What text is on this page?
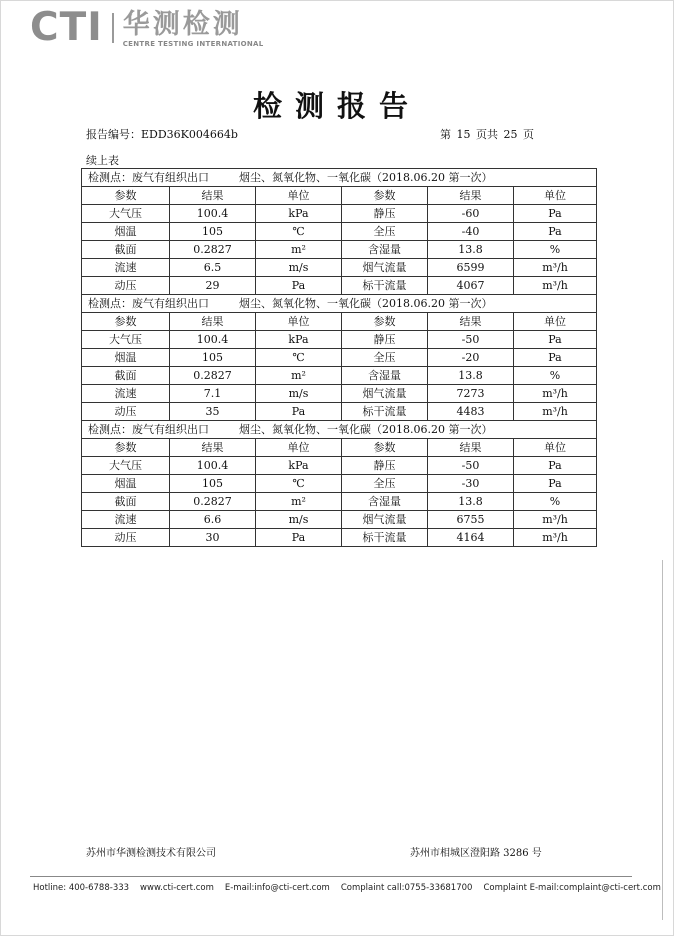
CTI 华测检测
CENTRE TESTING INTERNATIONAL
检测报告
报告编号：EDD36K004664b	第 15 页共 25 页
续上表
检测点：废气有组织出口 烟尘、氮氧化物、一氧化碳（2018.06.20 第一次）					
参数	结果	单位	参数	结果	单位
大气压	100.4	kPa	静压	-60	Pa
烟温	105	℃	全压	-40	Pa
截面	0.2827	m²	含湿量	13.8	%
流速	6.5	m/s	烟气流量	6599	m³/h
动压	29	Pa	标干流量	4067	m³/h
检测点：废气有组织出口 烟尘、氮氧化物、一氧化碳（2018.06.20 第一次）					
参数	结果	单位	参数	结果	单位
大气压	100.4	kPa	静压	-50	Pa
烟温	105	℃	全压	-20	Pa
截面	0.2827	m²	含湿量	13.8	%
流速	7.1	m/s	烟气流量	7273	m³/h
动压	35	Pa	标干流量	4483	m³/h
检测点：废气有组织出口 烟尘、氮氧化物、一氧化碳（2018.06.20 第一次）					
参数	结果	单位	参数	结果	单位
大气压	100.4	kPa	静压	-50	Pa
烟温	105	℃	全压	-30	Pa
截面	0.2827	m²	含湿量	13.8	%
流速	6.6	m/s	烟气流量	6755	m³/h
动压	30	Pa	标干流量	4164	m³/h
苏州市华测检测技术有限公司	苏州市相城区澄阳路 3286 号
Hotline: 400-6788-333 www.cti-cert.com E-mail:info@cti-cert.com Complaint call:0755-33681700 Complaint E-mail:complaint@cti-cert.com
